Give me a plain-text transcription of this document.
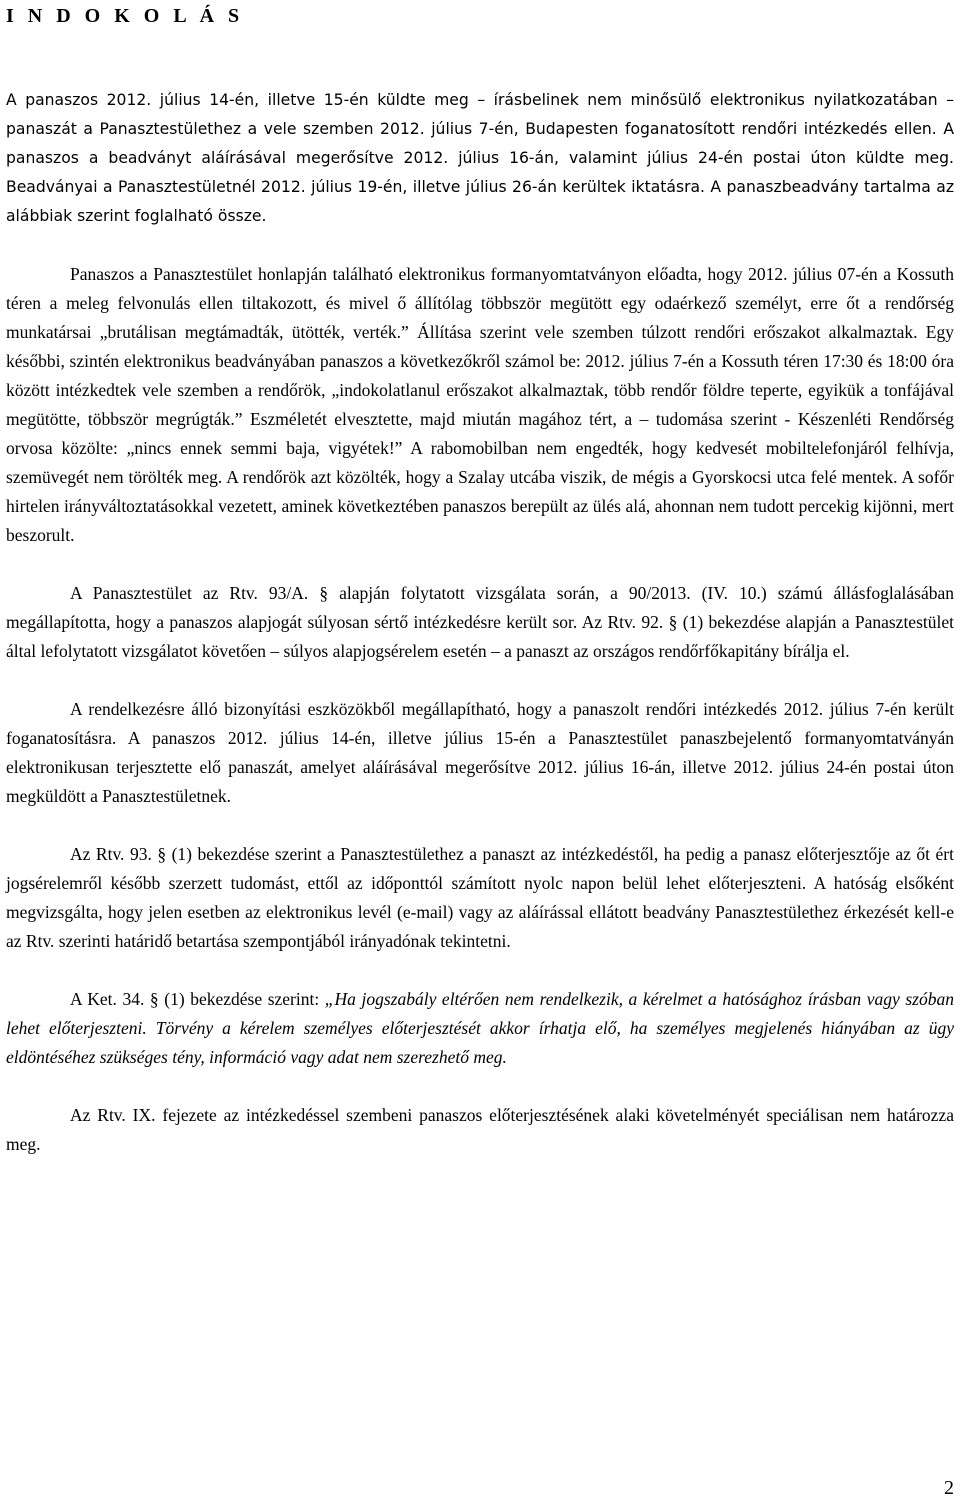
I N D O K O L Á S

A panaszos 2012. július 14-én, illetve 15-én küldte meg – írásbelinek nem minősülő elektronikus nyilatkozatában – panaszát a Panasztestülethez a vele szemben 2012. július 7-én, Budapesten foganatosított rendőri intézkedés ellen. A panaszos a beadványt aláírásával megerősítve 2012. július 16-án, valamint július 24-én postai úton küldte meg. Beadványai a Panasztestületnél 2012. július 19-én, illetve július 26-án kerültek iktatásra. A panaszbeadvány tartalma az alábbiak szerint foglalható össze.

Panaszos a Panasztestület honlapján található elektronikus formanyomtatványon előadta, hogy 2012. július 07-én a Kossuth téren a meleg felvonulás ellen tiltakozott, és mivel ő állítólag többször megütött egy odaérkező személyt, erre őt a rendőrség munkatársai „brutálisan megtámadták, ütötték, verték.” Állítása szerint vele szemben túlzott rendőri erőszakot alkalmaztak. Egy későbbi, szintén elektronikus beadványában panaszos a következőkről számol be: 2012. július 7-én a Kossuth téren 17:30 és 18:00 óra között intézkedtek vele szemben a rendőrök, „indokolatlanul erőszakot alkalmaztak, több rendőr földre teperte, egyikük a tonfájával megütötte, többször megrúgták.” Eszméletét elvesztette, majd miután magához tért, a – tudomása szerint - Készenléti Rendőrség orvosa közölte: „nincs ennek semmi baja, vigyétek!” A rabomobilban nem engedték, hogy kedvesét mobiltelefonjáról felhívja, szemüvegét nem törölték meg. A rendőrök azt közölték, hogy a Szalay utcába viszik, de mégis a Gyorskocsi utca felé mentek. A sofőr hirtelen irányváltoztatásokkal vezetett, aminek következtében panaszos berepült az ülés alá, ahonnan nem tudott percekig kijönni, mert beszorult.

A Panasztestület az Rtv. 93/A. § alapján folytatott vizsgálata során, a 90/2013. (IV. 10.) számú állásfoglalásában megállapította, hogy a panaszos alapjogát súlyosan sértő intézkedésre került sor. Az Rtv. 92. § (1) bekezdése alapján a Panasztestület által lefolytatott vizsgálatot követően – súlyos alapjogsérelem esetén – a panaszt az országos rendőrfőkapitány bírálja el.

A rendelkezésre álló bizonyítási eszközökből megállapítható, hogy a panaszolt rendőri intézkedés 2012. július 7-én került foganatosításra. A panaszos 2012. július 14-én, illetve július 15-én a Panasztestület panaszbejelentő formanyomtatványán elektronikusan terjesztette elő panaszát, amelyet aláírásával megerősítve 2012. július 16-án, illetve 2012. július 24-én postai úton megküldött a Panasztestületnek.

Az Rtv. 93. § (1) bekezdése szerint a Panasztestülethez a panaszt az intézkedéstől, ha pedig a panasz előterjesztője az őt ért jogsérelemről később szerzett tudomást, ettől az időponttól számított nyolc napon belül lehet előterjeszteni. A hatóság elsőként megvizsgálta, hogy jelen esetben az elektronikus levél (e-mail) vagy az aláírással ellátott beadvány Panasztestülethez érkezését kell-e az Rtv. szerinti határidő betartása szempontjából irányadónak tekintetni.

A Ket. 34. § (1) bekezdése szerint: „Ha jogszabály eltérően nem rendelkezik, a kérelmet a hatósághoz írásban vagy szóban lehet előterjeszteni. Törvény a kérelem személyes előterjesztését akkor írhatja elő, ha személyes megjelenés hiányában az ügy eldöntéséhez szükséges tény, információ vagy adat nem szerezhető meg.

Az Rtv. IX. fejezete az intézkedéssel szembeni panaszos előterjesztésének alaki követelményét speciálisan nem határozza meg.

2
